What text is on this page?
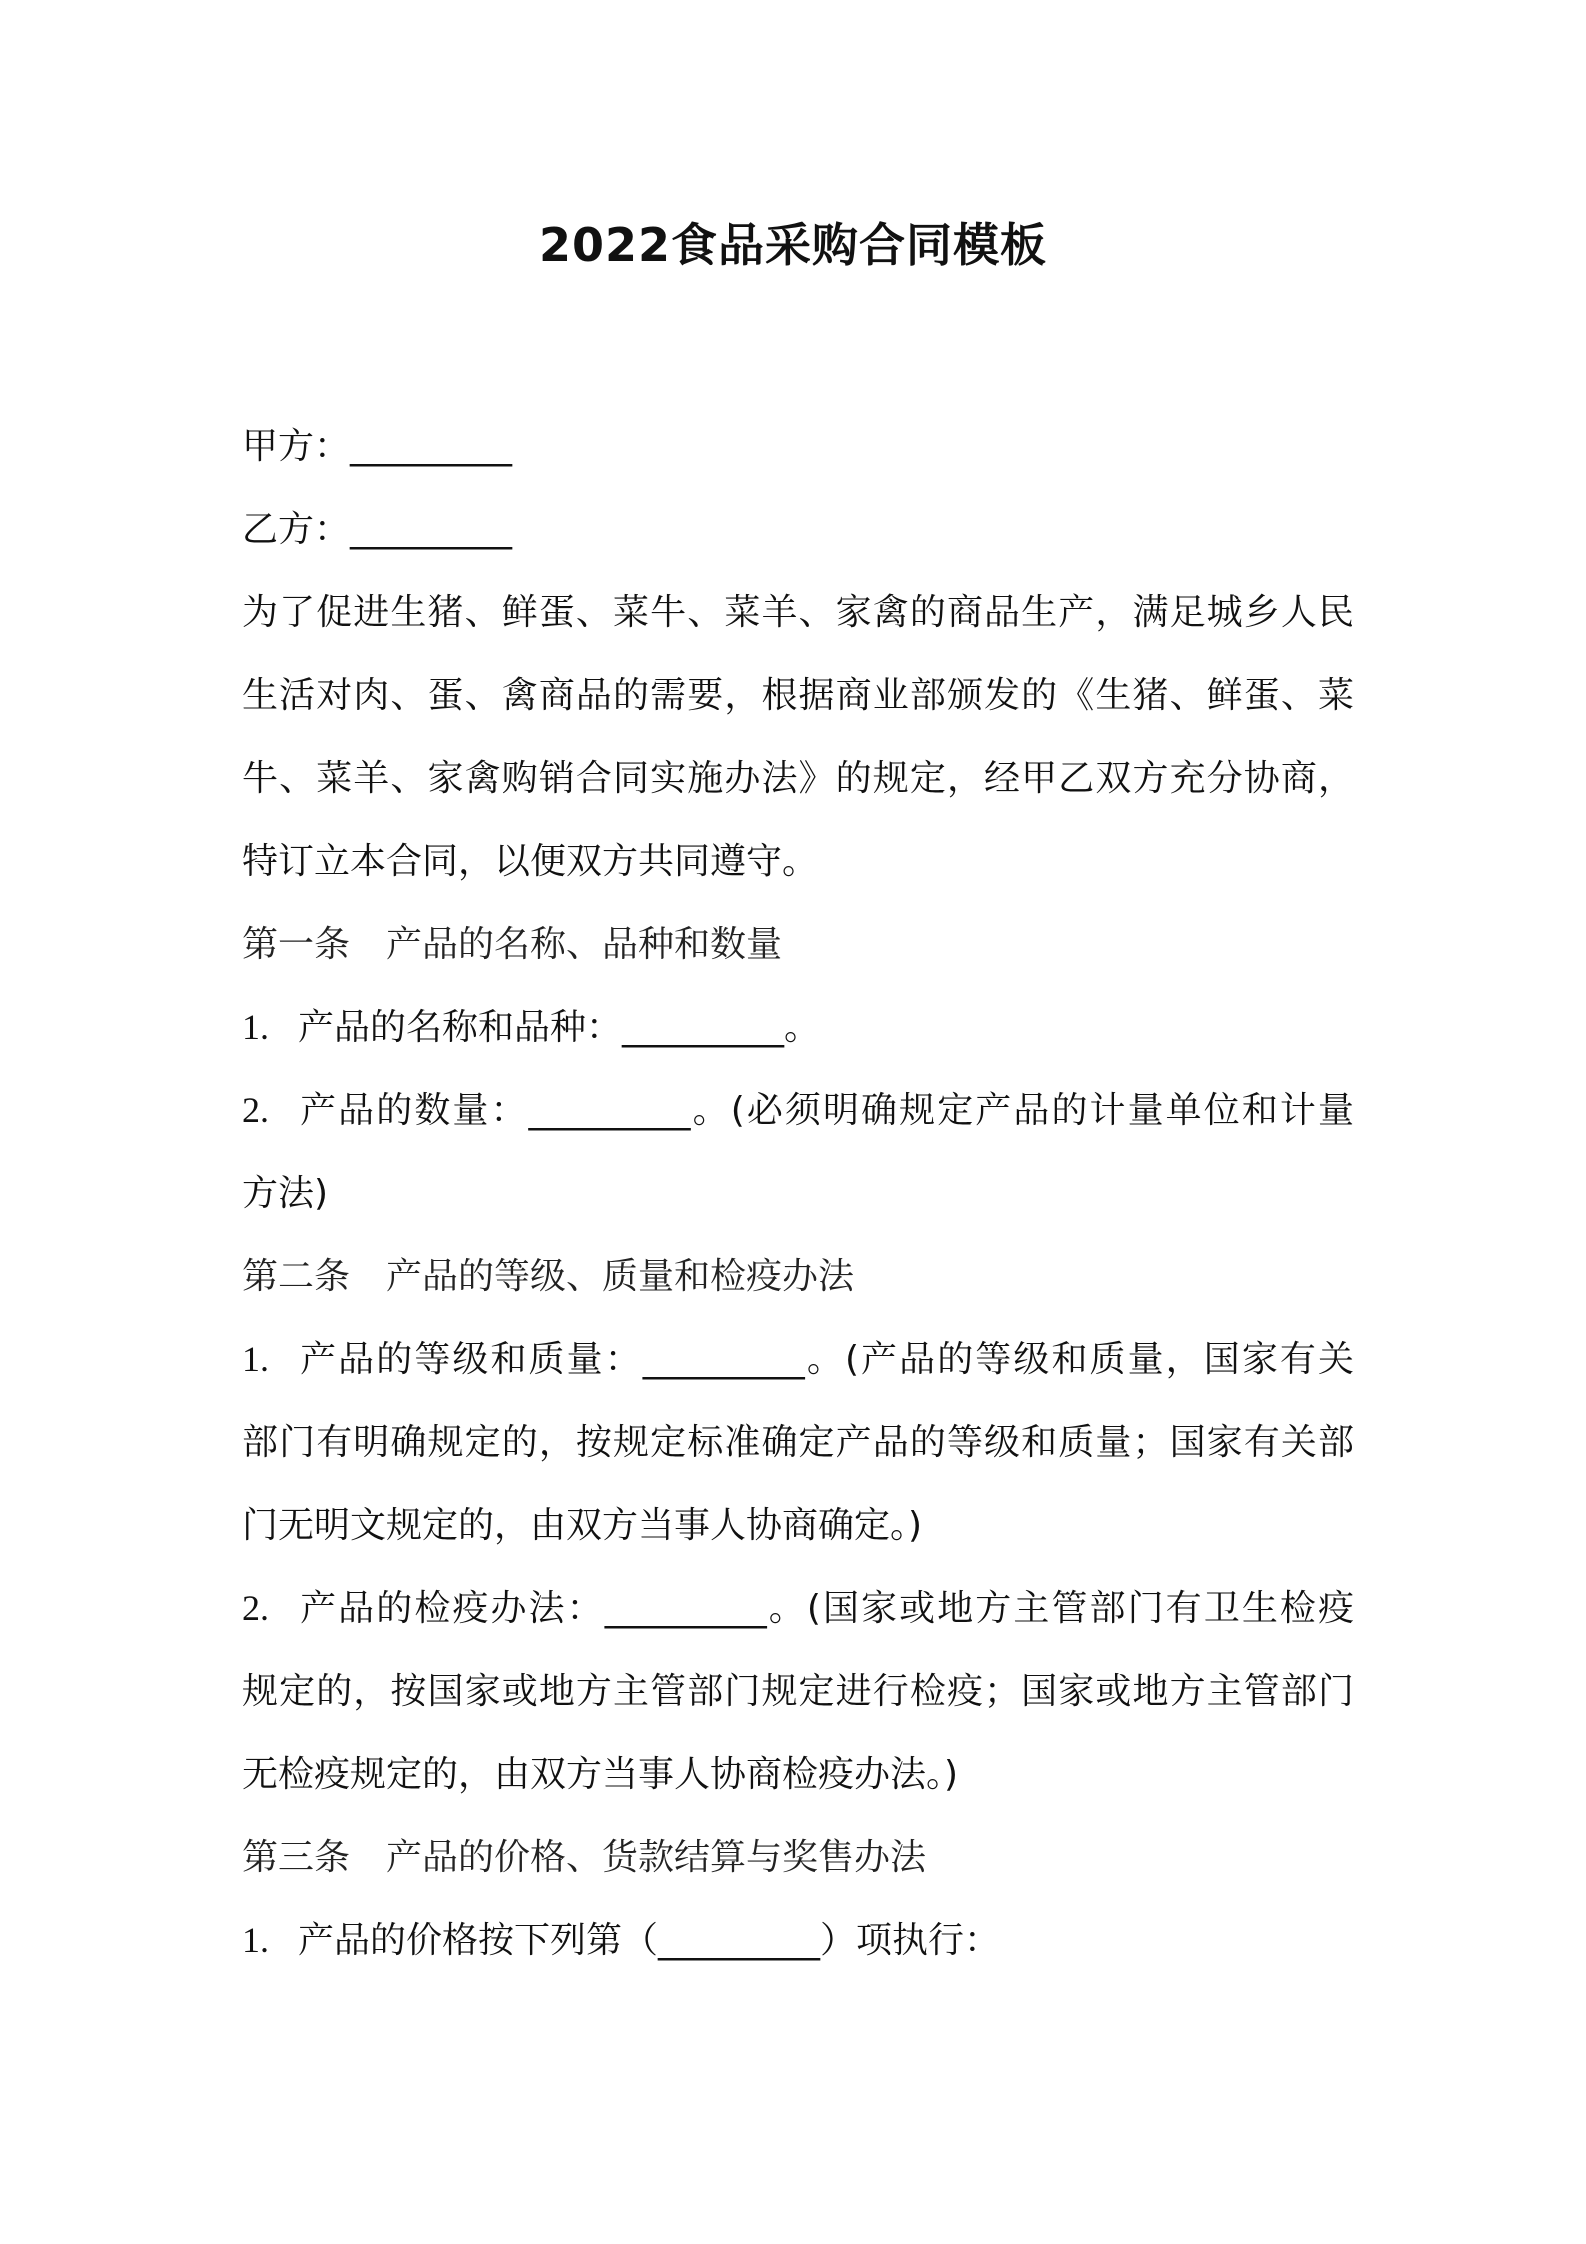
2022食品采购合同模板
甲方：_________
乙方：_________
为了促进生猪、鲜蛋、菜牛、菜羊、家禽的商品生产，满足城乡人民
生活对肉、蛋、禽商品的需要，根据商业部颁发的《生猪、鲜蛋、菜
牛、菜羊、家禽购销合同实施办法》的规定，经甲乙双方充分协商，
特订立本合同，以便双方共同遵守。
第一条 产品的名称、品种和数量
1. 产品的名称和品种：_________。
2. 产品的数量：_________。(必须明确规定产品的计量单位和计量
方法)
第二条 产品的等级、质量和检疫办法
1. 产品的等级和质量：_________。(产品的等级和质量，国家有关
部门有明确规定的，按规定标准确定产品的等级和质量；国家有关部
门无明文规定的，由双方当事人协商确定。)
2. 产品的检疫办法：_________。(国家或地方主管部门有卫生检疫
规定的，按国家或地方主管部门规定进行检疫；国家或地方主管部门
无检疫规定的，由双方当事人协商检疫办法。)
第三条 产品的价格、货款结算与奖售办法
1. 产品的价格按下列第（_________）项执行：
